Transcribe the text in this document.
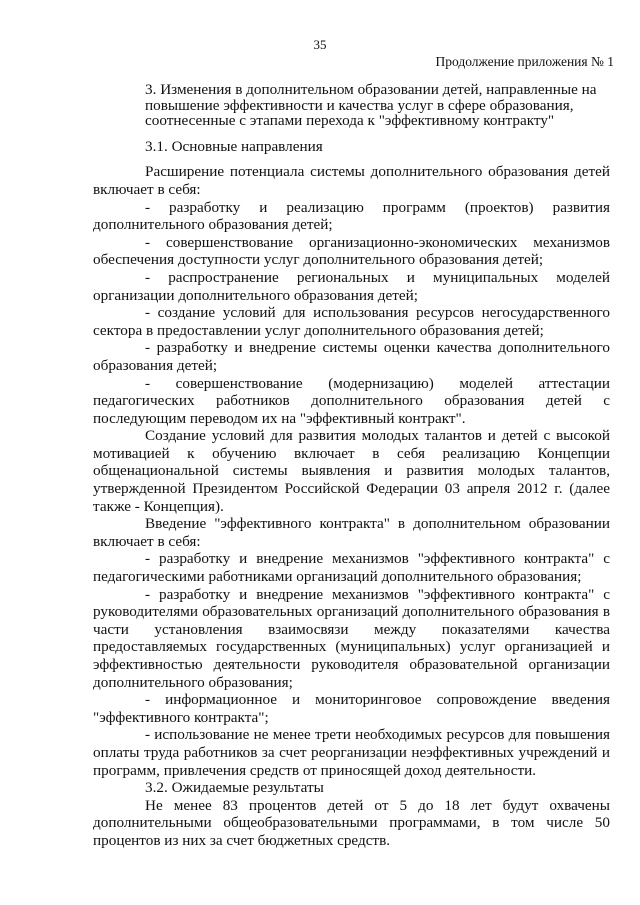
35
Продолжение приложения № 1
3. Изменения в дополнительном образовании детей, направленные на повышение эффективности и качества услуг в сфере образования, соотнесенные с этапами перехода к "эффективному контракту"
3.1. Основные направления

Расширение потенциала системы дополнительного образования детей включает в себя:

- разработку и реализацию программ (проектов) развития дополнительного образования детей;

- совершенствование организационно-экономических механизмов обеспечения доступности услуг дополнительного образования детей;

- распространение региональных и муниципальных моделей организации дополнительного образования детей;

- создание условий для использования ресурсов негосударственного сектора в предоставлении услуг дополнительного образования детей;

- разработку и внедрение системы оценки качества дополнительного образования детей;

- совершенствование (модернизацию) моделей аттестации педагогических работников дополнительного образования детей с последующим переводом их на "эффективный контракт".

Создание условий для развития молодых талантов и детей с высокой мотивацией к обучению включает в себя реализацию Концепции общенациональной системы выявления и развития молодых талантов, утвержденной Президентом Российской Федерации 03 апреля 2012 г. (далее также - Концепция).

Введение "эффективного контракта" в дополнительном образовании включает в себя:

- разработку и внедрение механизмов "эффективного контракта" с педагогическими работниками организаций дополнительного образования;

- разработку и внедрение механизмов "эффективного контракта" с руководителями образовательных организаций дополнительного образования в части установления взаимосвязи между показателями качества предоставляемых государственных (муниципальных) услуг организацией и эффективностью деятельности руководителя образовательной организации дополнительного образования;

- информационное и мониторинговое сопровождение введения "эффективного контракта";

- использование не менее трети необходимых ресурсов для повышения оплаты труда работников за счет реорганизации неэффективных учреждений и программ, привлечения средств от приносящей доход деятельности.

3.2. Ожидаемые результаты

Не менее 83 процентов детей от 5 до 18 лет будут охвачены дополнительными общеобразовательными программами, в том числе 50 процентов из них за счет бюджетных средств.
